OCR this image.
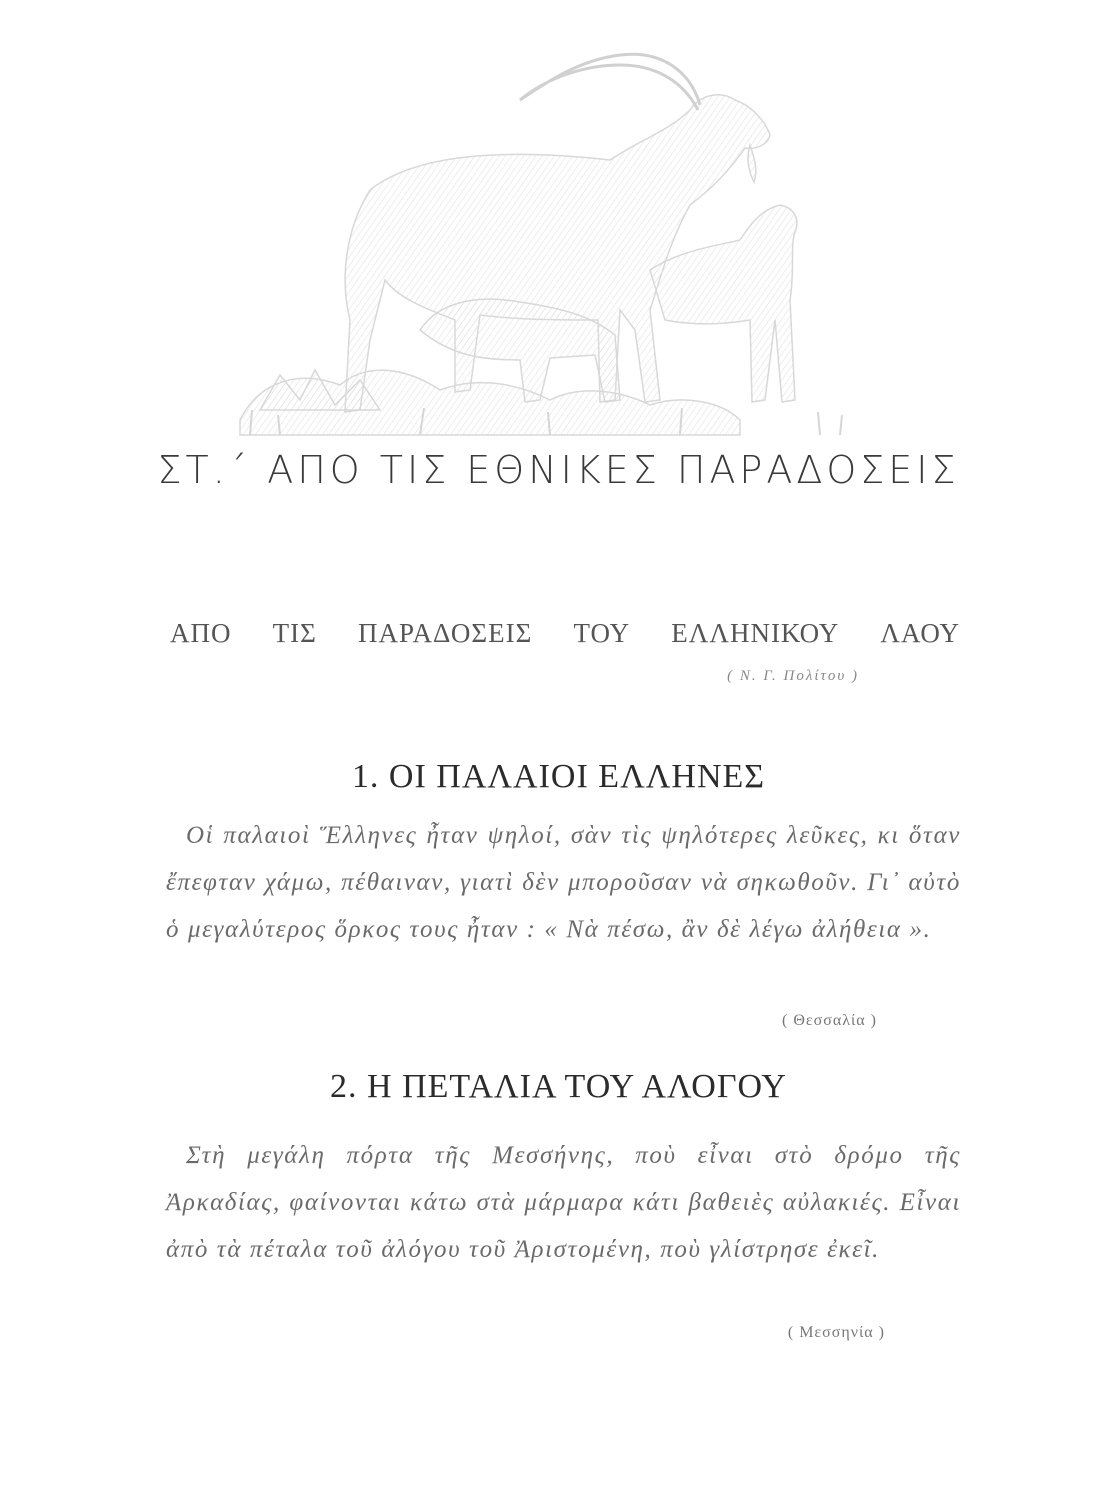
ΣΤ.΄ ΑΠΟ ΤΙΣ ΕΘΝΙΚΕΣ ΠΑΡΑΔΟΣΕΙΣ
ΑΠΟ ΤΙΣ ΠΑΡΑΔΟΣΕΙΣ ΤΟΥ ΕΛΛΗΝΙΚΟΥ ΛΑΟΥ
( Ν. Γ. Πολίτου )
1. ΟΙ ΠΑΛΑΙΟΙ ΕΛΛΗΝΕΣ

Οἱ παλαιοὶ Ἕλληνες ἦταν ψηλοί, σὰν τὶς ψηλότερες λεῦκες, κι ὅταν ἔπεφταν χάμω, πέθαιναν, γιατὶ δὲν μποροῦσαν νὰ σηκωθοῦν. Γι᾽ αὐτὸ ὁ μεγαλύτερος ὅρκος τους ἦταν : « Νὰ πέσω, ἂν δὲ λέγω ἀλήθεια ».

( Θεσσαλία )
2. Η ΠΕΤΑΛΙΑ ΤΟΥ ΑΛΟΓΟΥ

Στὴ μεγάλη πόρτα τῆς Μεσσήνης, ποὺ εἶναι στὸ δρόμο τῆς Ἀρκαδίας, φαίνονται κάτω στὰ μάρμαρα κάτι βαθειὲς αὐλακιές. Εἶναι ἀπὸ τὰ πέταλα τοῦ ἀλόγου τοῦ Ἀριστομένη, ποὺ γλίστρησε ἐκεῖ.

( Μεσσηνία )
